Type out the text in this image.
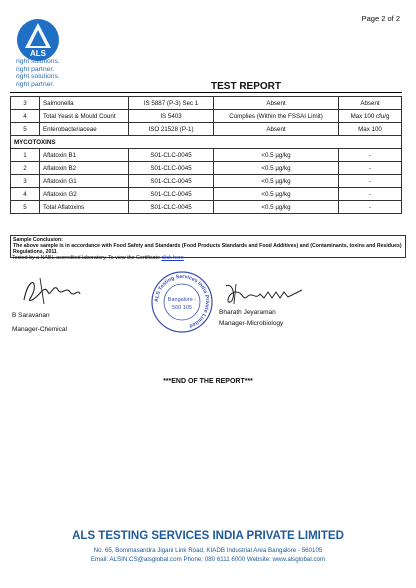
Page 2 of 2
ALS
right solutions.
right partner.
right solutions.
right partner.	TEST REPORT
3	Salmonella	IS 5887 (P-3) Sec 1	Absent	Absent
4	Total Yeast & Mould Count	IS 5403	Complies (Within the FSSAI Limit)	Max 100 cfu/g
5	Enterobacteriaceae	ISO 21528 (P-1)	Absent	Max 100
MYCOTOXINS				
1	Aflatoxin B1	S01-CLC-0045	<0.5 µg/kg	-
2	Aflatoxin B2	S01-CLC-0045	<0.5 µg/kg	-
3	Aflatoxin G1	S01-CLC-0045	<0.5 µg/kg	-
4	Aflatoxin G2	S01-CLC-0045	<0.5 µg/kg	-
5	Total Aflatoxins	S01-CLC-0045	<0.5 µg/kg	-
Sample Conclusion:
The above sample is in accordance with Food Safety and Standards (Food Products Standards and Food Additives) and (Contaminants, toxins and Residues) Regulations, 2011
Tested by a NABL-accredited laboratory. To view the Certificate click here
ALS Testing Services India Private Limited
Bangalore -
560 105
B Saravanan
Manager-Chemical
Bharath Jeyaraman
Manager-Microbiology
***END OF THE REPORT***
ALS TESTING SERVICES INDIA PRIVATE LIMITED
No. 65, Bommasandra Jigani Link Road, KIADB Industrial Area Bangalore - 560105
Email: ALSIN.CS@alsglobal.com Phone: 080 6111 6000 Website: www.alsglobal.com
